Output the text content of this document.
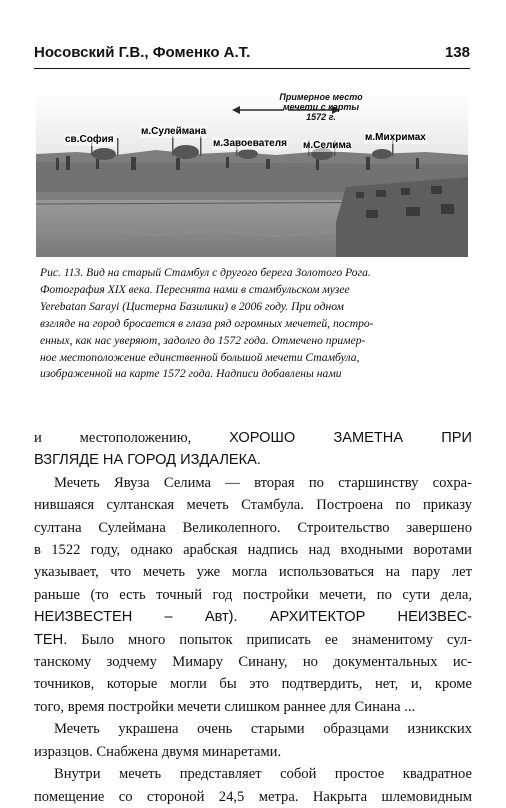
Носовский Г.В., Фоменко А.Т.	138
св.София
м.Сулеймана
м.Завоевателя м.Селима
м.Михримах
Примерное место
мечети с карты
1572 г.
Рис. 113. Вид на старый Стамбул с другого берега Золотого Рога.
Фотография XIX века. Переснята нами в стамбульском музее
Yerebatan Sarayi (Цистерна Базилики) в 2006 году. При одном
взгляде на город бросается в глаза ряд огромных мечетей, постро-
енных, как нас уверяют, задолго до 1572 года. Отмечено пример-
ное местоположение единственной большой мечети Стамбула,
изображенной на карте 1572 года. Надписи добавлены нами
и местоположению,	ХОРОШО ЗАМЕТНА ПРИ
ВЗГЛЯДЕ НА ГОРОД ИЗДАЛЕКА.
Мечеть Явуза Селима — вторая по старшинству сохра-
нившаяся султанская мечеть Стамбула. Построена по приказу
султана Сулеймана Великолепного. Строительство завершено
в 1522 году, однако арабская надпись над входными воротами
указывает, что мечеть уже могла использоваться на пару лет
раньше (то есть точный год постройки мечети, по сути дела,
НЕИЗВЕСТЕН – Авт). АРХИТЕКТОР НЕИЗВЕС-
ТЕН. Было много попыток приписать ее знаменитому сул-
танскому зодчему Мимару Синану, но документальных ис-
точников, которые могли бы это подтвердить, нет, и, кроме
того, время постройки мечети слишком раннее для Синана ...
Мечеть украшена очень старыми образцами изникских
изразцов. Снабжена двумя минаретами.
Внутри мечеть представляет собой простое квадратное
помещение со стороной 24,5 метра. Накрыта шлемовидным
